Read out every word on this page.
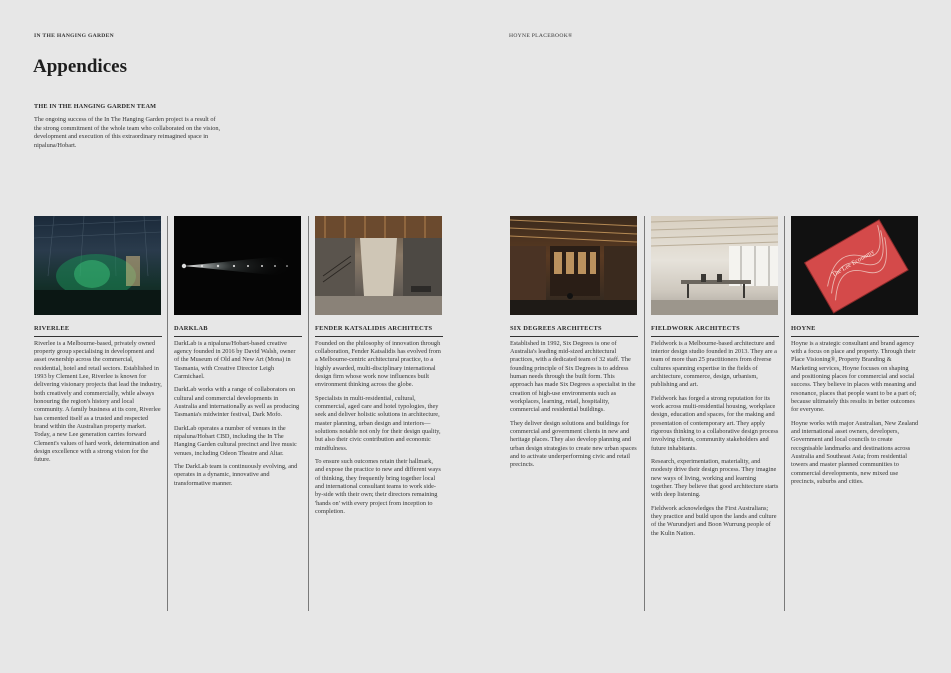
IN THE HANGING GARDEN	HOYNE PLACEBOOK®
Appendices
THE IN THE HANGING GARDEN TEAM

The ongoing success of the In The Hanging Garden project is a result of the strong commitment of the whole team who collaborated on the vision, development and execution of this extraordinary reimagined space in nipaluna/Hobart.

RIVERLEE

Riverlee is a Melbourne-based, privately owned property group specialising in development and asset ownership across the commercial, residential, hotel and retail sectors. Established in 1993 by Clement Lee, Riverlee is known for delivering visionary projects that lead the industry, both creatively and commercially, while always honouring the region's history and local community. A family business at its core, Riverlee has cemented itself as a trusted and respected brand within the Australian property market. Today, a new Lee generation carries forward Clement's values of hard work, determination and design excellence with a strong vision for the future.

DARKLAB

DarkLab is a nipaluna/Hobart-based creative agency founded in 2016 by David Walsh, owner of the Museum of Old and New Art (Mona) in Tasmania, with Creative Director Leigh Carmichael.

DarkLab works with a range of collaborators on cultural and commercial developments in Australia and internationally as well as producing Tasmania's midwinter festival, Dark Mofo.

DarkLab operates a number of venues in the nipaluna/Hobart CBD, including the In The Hanging Garden cultural precinct and live music venues, including Odeon Theatre and Altar.

The DarkLab team is continuously evolving, and operates in a dynamic, innovative and transformative manner.

FENDER KATSALIDIS ARCHITECTS

Founded on the philosophy of innovation through collaboration, Fender Katsalidis has evolved from a Melbourne-centric architectural practice, to a highly awarded, multi-disciplinary international design firm whose work now influences built environment thinking across the globe.

Specialists in multi-residential, cultural, commercial, aged care and hotel typologies, they seek and deliver holistic solutions in architecture, master planning, urban design and interiors—solutions notable not only for their design quality, but also their civic contribution and economic mindfulness.

To ensure such outcomes retain their hallmark, and expose the practice to new and different ways of thinking, they frequently bring together local and international consultant teams to work side-by-side with their own; their directors remaining 'hands on' with every project from inception to completion.

SIX DEGREES ARCHITECTS

Established in 1992, Six Degrees is one of Australia's leading mid-sized architectural practices, with a dedicated team of 32 staff. The founding principle of Six Degrees is to address human needs through the built form. This approach has made Six Degrees a specialist in the creation of high-use environments such as workplaces, learning, retail, hospitality, commercial and residential buildings.

They deliver design solutions and buildings for commercial and government clients in new and heritage places. They also develop planning and urban design strategies to create new urban spaces and to activate underperforming civic and retail precincts.

FIELDWORK ARCHITECTS

Fieldwork is a Melbourne-based architecture and interior design studio founded in 2013. They are a team of more than 25 practitioners from diverse cultures spanning expertise in the fields of architecture, commerce, design, urbanism, publishing and art.

Fieldwork has forged a strong reputation for its work across multi-residential housing, workplace design, education and spaces, for the making and presentation of contemporary art. They apply rigorous thinking to a collaborative design process involving clients, community stakeholders and future inhabitants.

Research, experimentation, materiality, and modesty drive their design process. They imagine new ways of living, working and learning together. They believe that good architecture starts with deep listening.

Fieldwork acknowledges the First Australians; they practice and build upon the lands and culture of the Wurundjeri and Boon Wurrung people of the Kulin Nation.

The Lee Economy
HOYNE

Hoyne is a strategic consultant and brand agency with a focus on place and property. Through their Place Visioning®, Property Branding & Marketing services, Hoyne focuses on shaping and positioning places for commercial and social success. They believe in places with meaning and resonance, places that people want to be a part of; because ultimately this results in better outcomes for everyone.

Hoyne works with major Australian, New Zealand and international asset owners, developers, Government and local councils to create recognisable landmarks and destinations across Australia and Southeast Asia; from residential towers and master planned communities to commercial developments, new mixed use precincts, suburbs and cities.
